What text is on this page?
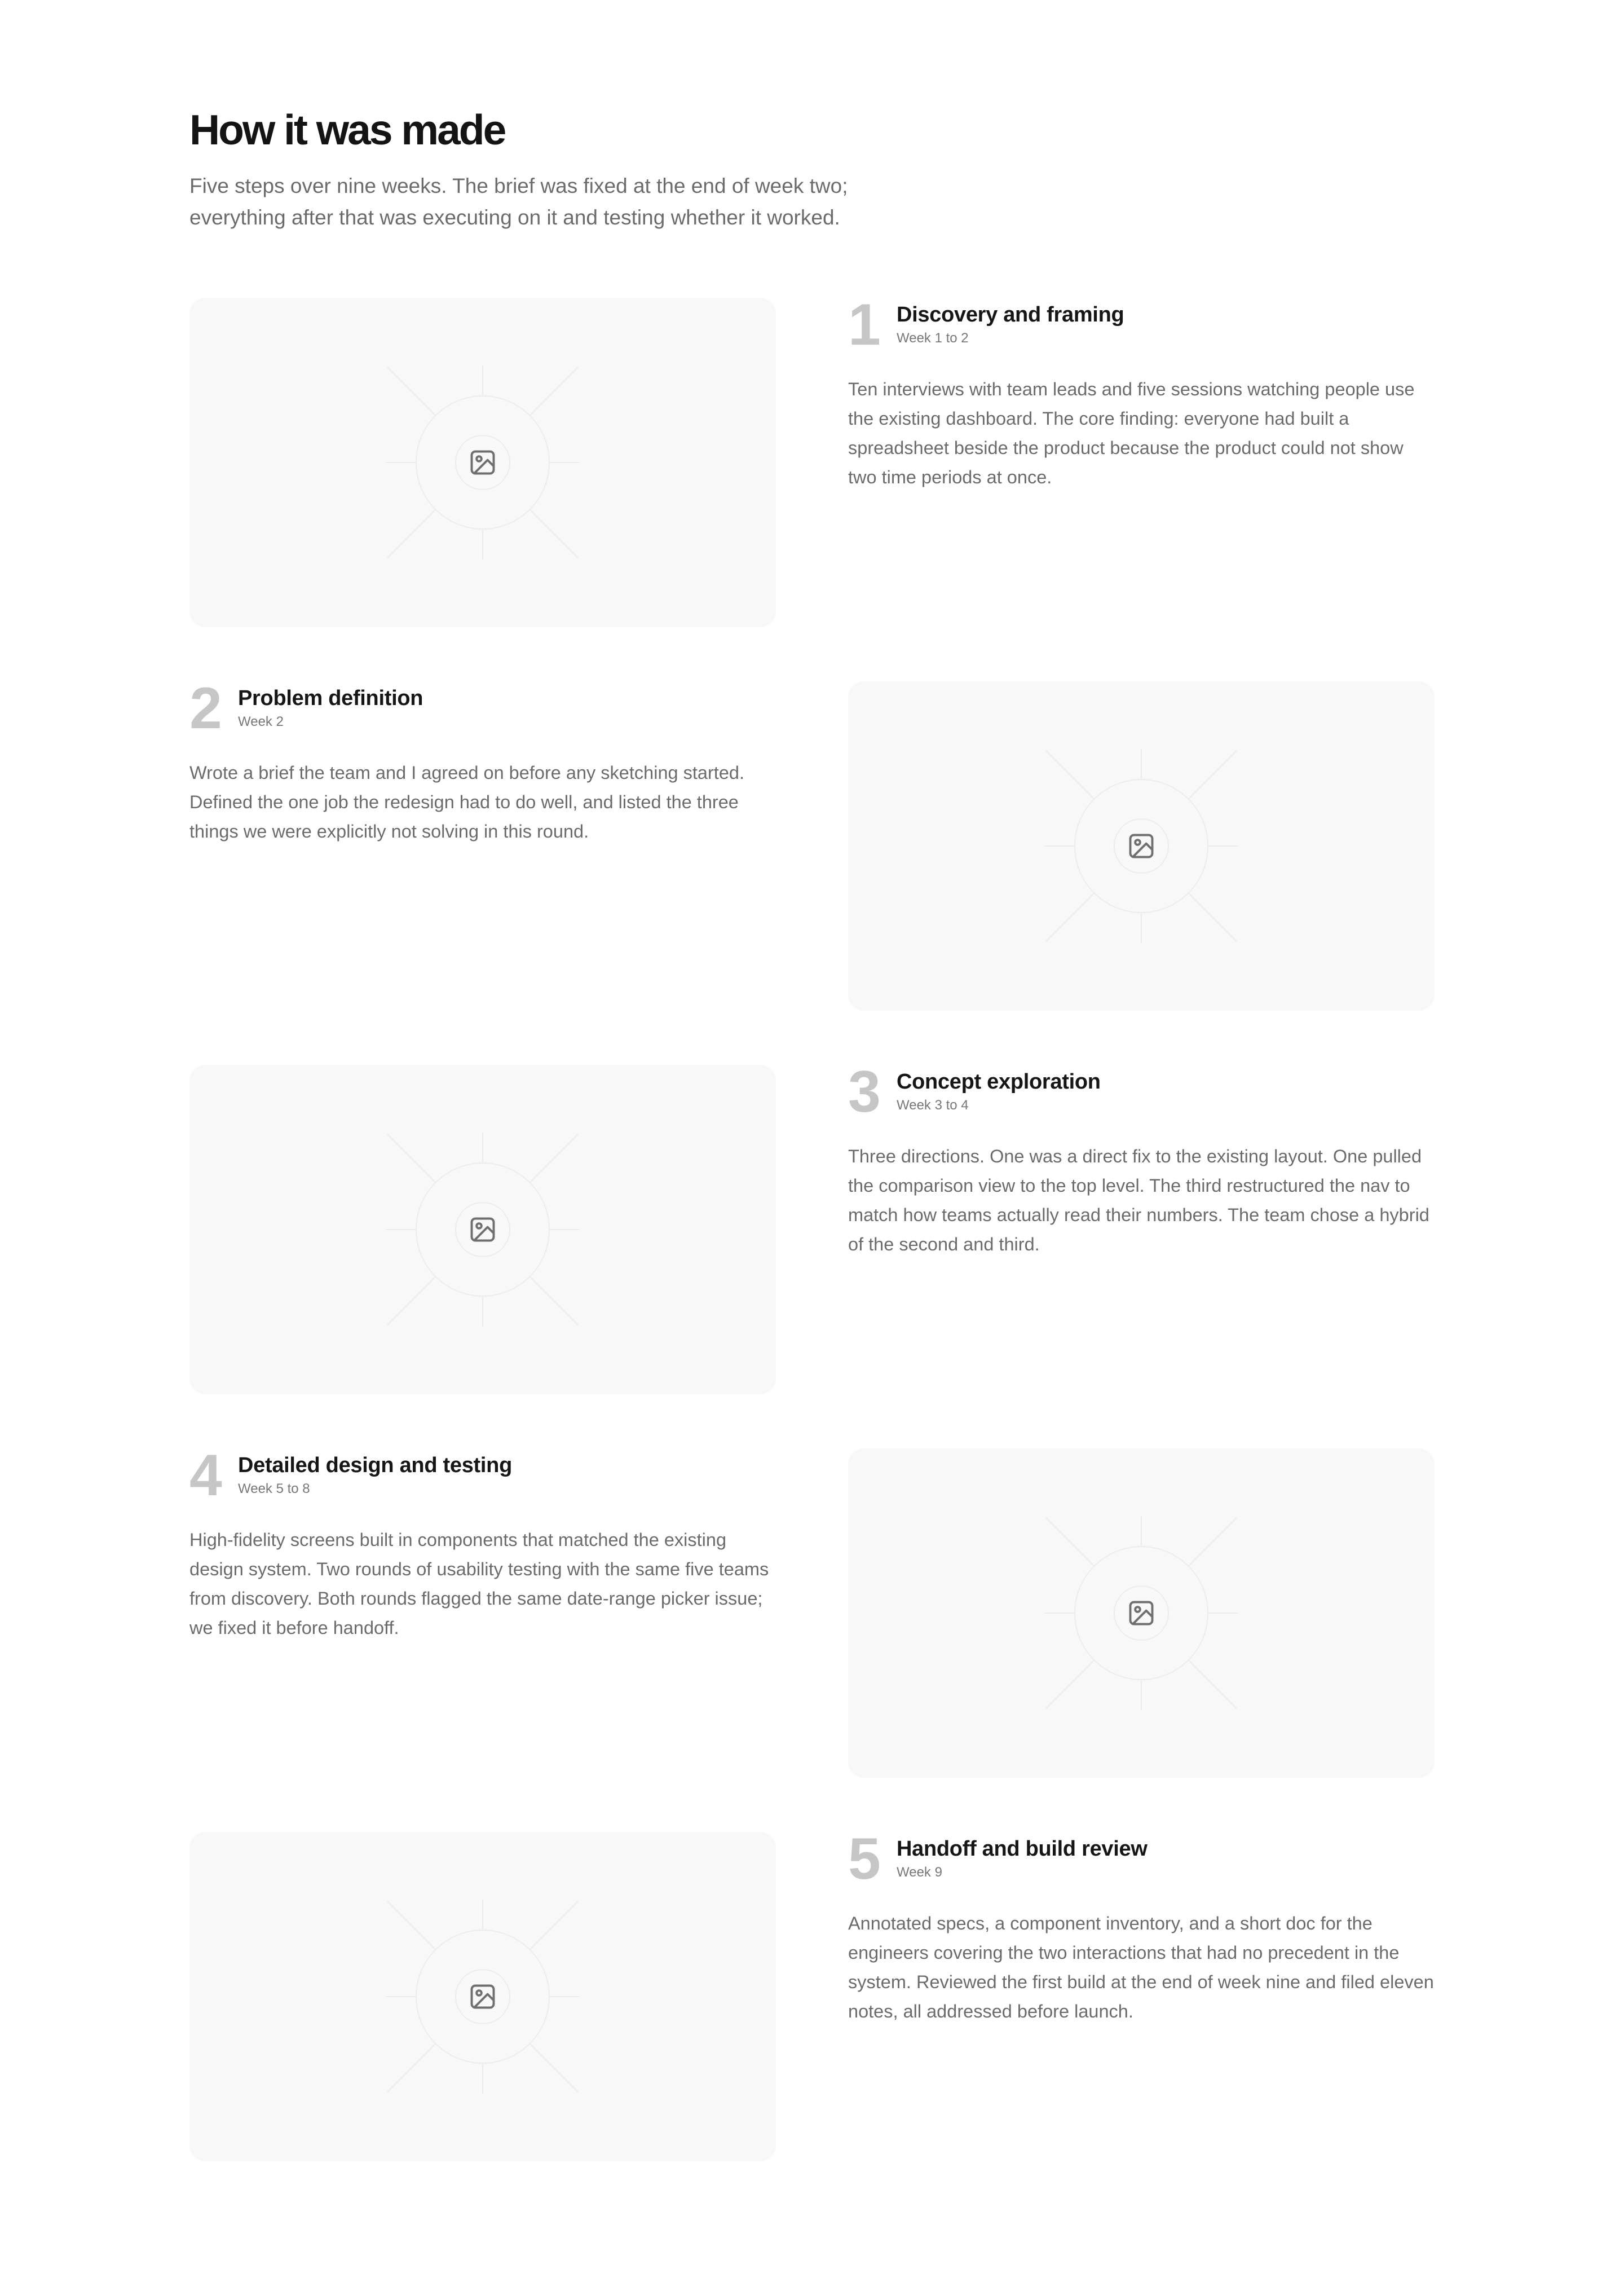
How it was made

Five steps over nine weeks. The brief was fixed at the end of week two; everything after that was executing on it and testing whether it worked.

1 Discovery and framing
Week 1 to 2
Ten interviews with team leads and five sessions watching people use the existing dashboard. The core finding: everyone had built a spreadsheet beside the product because the product could not show two time periods at once.
2 Problem definition
Week 2
Wrote a brief the team and I agreed on before any sketching started. Defined the one job the redesign had to do well, and listed the three things we were explicitly not solving in this round.
3 Concept exploration
Week 3 to 4
Three directions. One was a direct fix to the existing layout. One pulled the comparison view to the top level. The third restructured the nav to match how teams actually read their numbers. The team chose a hybrid of the second and third.
4 Detailed design and testing
Week 5 to 8
High-fidelity screens built in components that matched the existing design system. Two rounds of usability testing with the same five teams from discovery. Both rounds flagged the same date-range picker issue; we fixed it before handoff.
5 Handoff and build review
Week 9
Annotated specs, a component inventory, and a short doc for the engineers covering the two interactions that had no precedent in the system. Reviewed the first build at the end of week nine and filed eleven notes, all addressed before launch.
